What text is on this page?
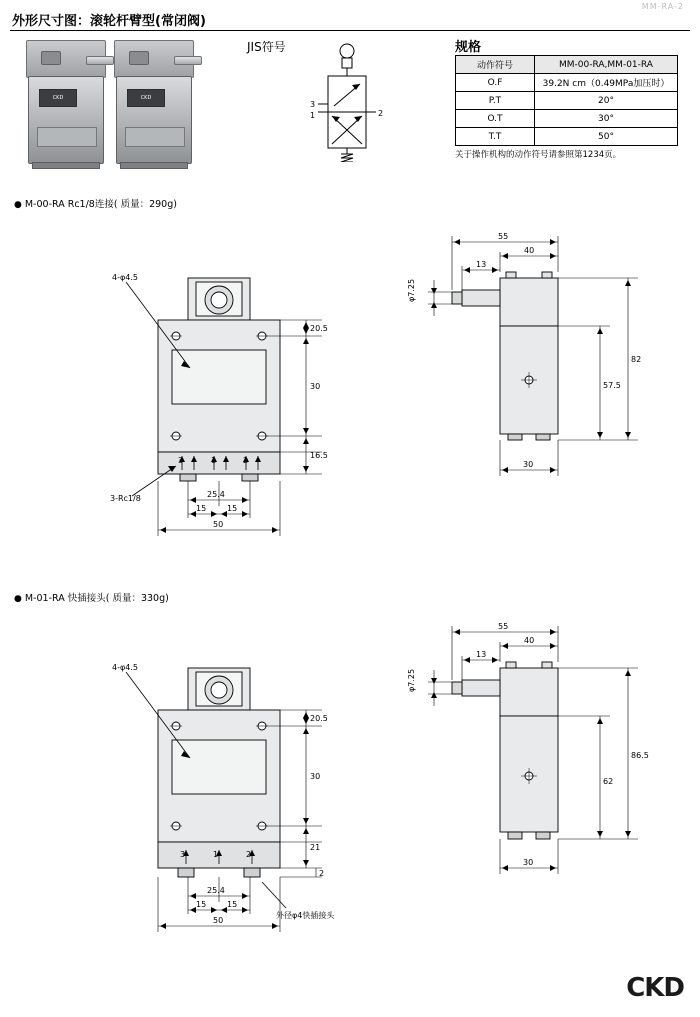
MM-RA-2
外形尺寸图：滚轮杆臂型(常闭阀)
CKD	CKD
JIS符号
3
1	2
规格
动作符号	MM-00-RA,MM-01-RA
O.F	39.2N cm（0.49MPa加压时）
P.T	20°
O.T	30°
T.T	50°
关于操作机构的动作符号请参照第1234页。
● M-00-RA Rc1/8连接( 质量：290g)
20.5
30
16.5
25.4
15	15
50
4-φ4.5
3-Rc1/8
3	1	2
55
40
13
φ7.25
82
57.5
30
● M-01-RA 快插接头( 质量：330g)
20.5
30
21
2
25.4
15	15
50
4-φ4.5
外径φ4快插接头
3	1	2
55
40
13
φ7.25
86.5
62
30
CKD
